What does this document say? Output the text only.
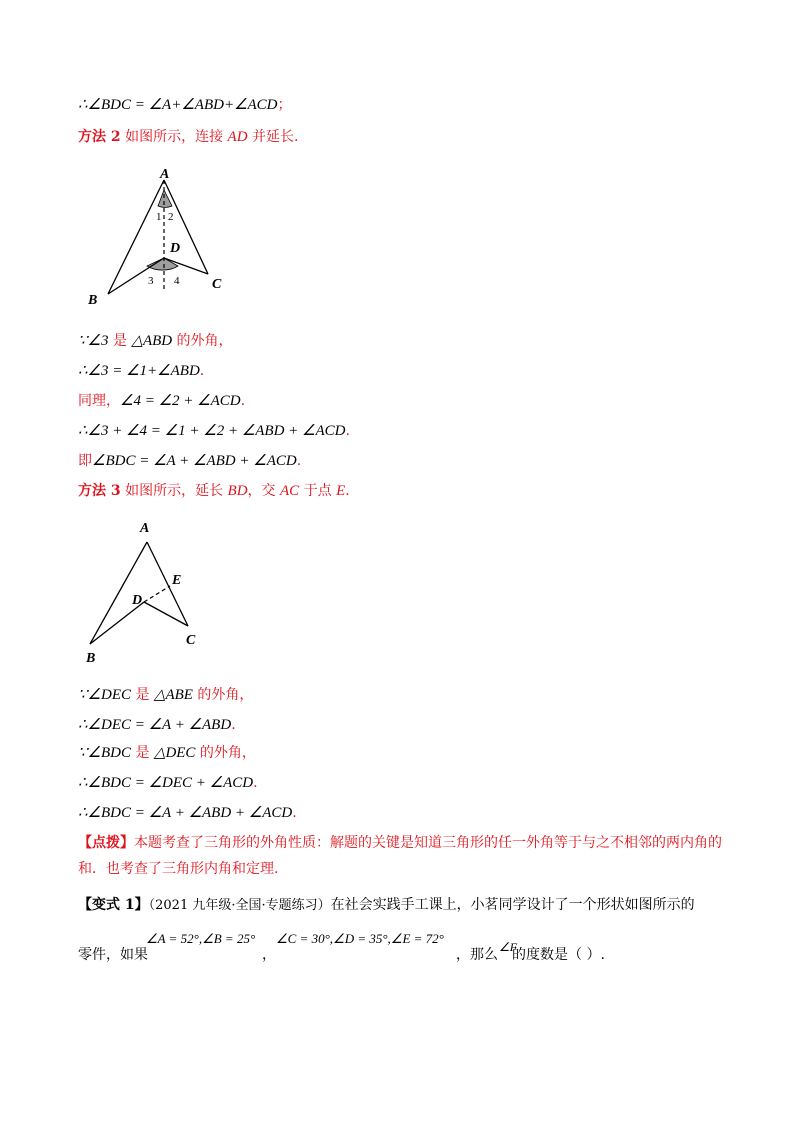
∴∠BDC = ∠A+∠ABD+∠ACD；
方法 2 如图所示，连接 AD 并延长.
A
B
C
D
1 2
3 4
∵∠3 是 △ABD 的外角，
∴∠3 = ∠1+∠ABD.
同理，∠4 = ∠2 + ∠ACD.
∴∠3 + ∠4 = ∠1 + ∠2 + ∠ABD + ∠ACD.
即∠BDC = ∠A + ∠ABD + ∠ACD.
方法 3 如图所示，延长 BD，交 AC 于点 E.
A
B
C
D
E
∵∠DEC 是 △ABE 的外角，
∴∠DEC = ∠A + ∠ABD.
∵∠BDC 是 △DEC 的外角，
∴∠BDC = ∠DEC + ∠ACD.
∴∠BDC = ∠A + ∠ABD + ∠ACD.
【点拨】本题考查了三角形的外角性质：解题的关键是知道三角形的任一外角等于与之不相邻的两内角的和．也考查了三角形内角和定理.
【变式 1】（2021 九年级·全国·专题练习）在社会实践手工课上，小茗同学设计了一个形状如图所示的
零件，如果
∠A = 52°,∠B = 25°
，
∠C = 30°,∠D = 35°,∠E = 72°
，那么 ∠F
的度数是（ ）.
